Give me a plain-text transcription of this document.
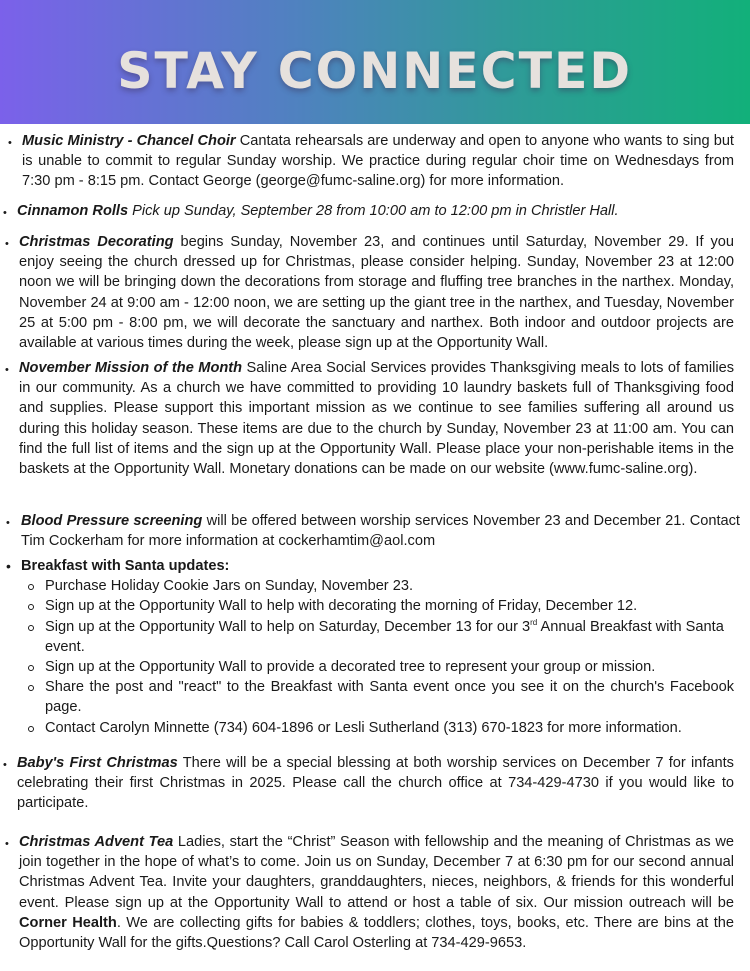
STAY CONNECTED
• Music Ministry - Chancel Choir Cantata rehearsals are underway and open to anyone who wants to sing but is unable to commit to regular Sunday worship. We practice during regular choir time on Wednesdays from 7:30 pm - 8:15 pm. Contact George (george@fumc-saline.org) for more information.
• Cinnamon Rolls Pick up Sunday, September 28 from 10:00 am to 12:00 pm in Christler Hall.
• Christmas Decorating begins Sunday, November 23, and continues until Saturday, November 29. If you enjoy seeing the church dressed up for Christmas, please consider helping. Sunday, November 23 at 12:00 noon we will be bringing down the decorations from storage and fluffing tree branches in the narthex. Monday, November 24 at 9:00 am - 12:00 noon, we are setting up the giant tree in the narthex, and Tuesday, November 25 at 5:00 pm - 8:00 pm, we will decorate the sanctuary and narthex. Both indoor and outdoor projects are available at various times during the week, please sign up at the Opportunity Wall.
• November Mission of the Month Saline Area Social Services provides Thanksgiving meals to lots of families in our community. As a church we have committed to providing 10 laundry baskets full of Thanksgiving food and supplies. Please support this important mission as we continue to see families suffering all around us during this holiday season. These items are due to the church by Sunday, November 23 at 11:00 am. You can find the full list of items and the sign up at the Opportunity Wall. Please place your non-perishable items in the baskets at the Opportunity Wall. Monetary donations can be made on our website (www.fumc-saline.org).
• Blood Pressure screening will be offered between worship services November 23 and December 21. Contact Tim Cockerham for more information at cockerhamtim@aol.com
• Breakfast with Santa updates:
Purchase Holiday Cookie Jars on Sunday, November 23.
Sign up at the Opportunity Wall to help with decorating the morning of Friday, December 12.
Sign up at the Opportunity Wall to help on Saturday, December 13 for our 3rd Annual Breakfast with Santa event.
Sign up at the Opportunity Wall to provide a decorated tree to represent your group or mission.
Share the post and "react" to the Breakfast with Santa event once you see it on the church's Facebook page.
Contact Carolyn Minnette (734) 604-1896 or Lesli Sutherland (313) 670-1823 for more information.
• Baby's First Christmas There will be a special blessing at both worship services on December 7 for infants celebrating their first Christmas in 2025. Please call the church office at 734-429-4730 if you would like to participate.
• Christmas Advent Tea Ladies, start the “Christ” Season with fellowship and the meaning of Christmas as we join together in the hope of what’s to come. Join us on Sunday, December 7 at 6:30 pm for our second annual Christmas Advent Tea. Invite your daughters, granddaughters, nieces, neighbors, & friends for this wonderful event. Please sign up at the Opportunity Wall to attend or host a table of six. Our mission outreach will be Corner Health. We are collecting gifts for babies & toddlers; clothes, toys, books, etc. There are bins at the Opportunity Wall for the gifts.Questions? Call Carol Osterling at 734-429-9653.
